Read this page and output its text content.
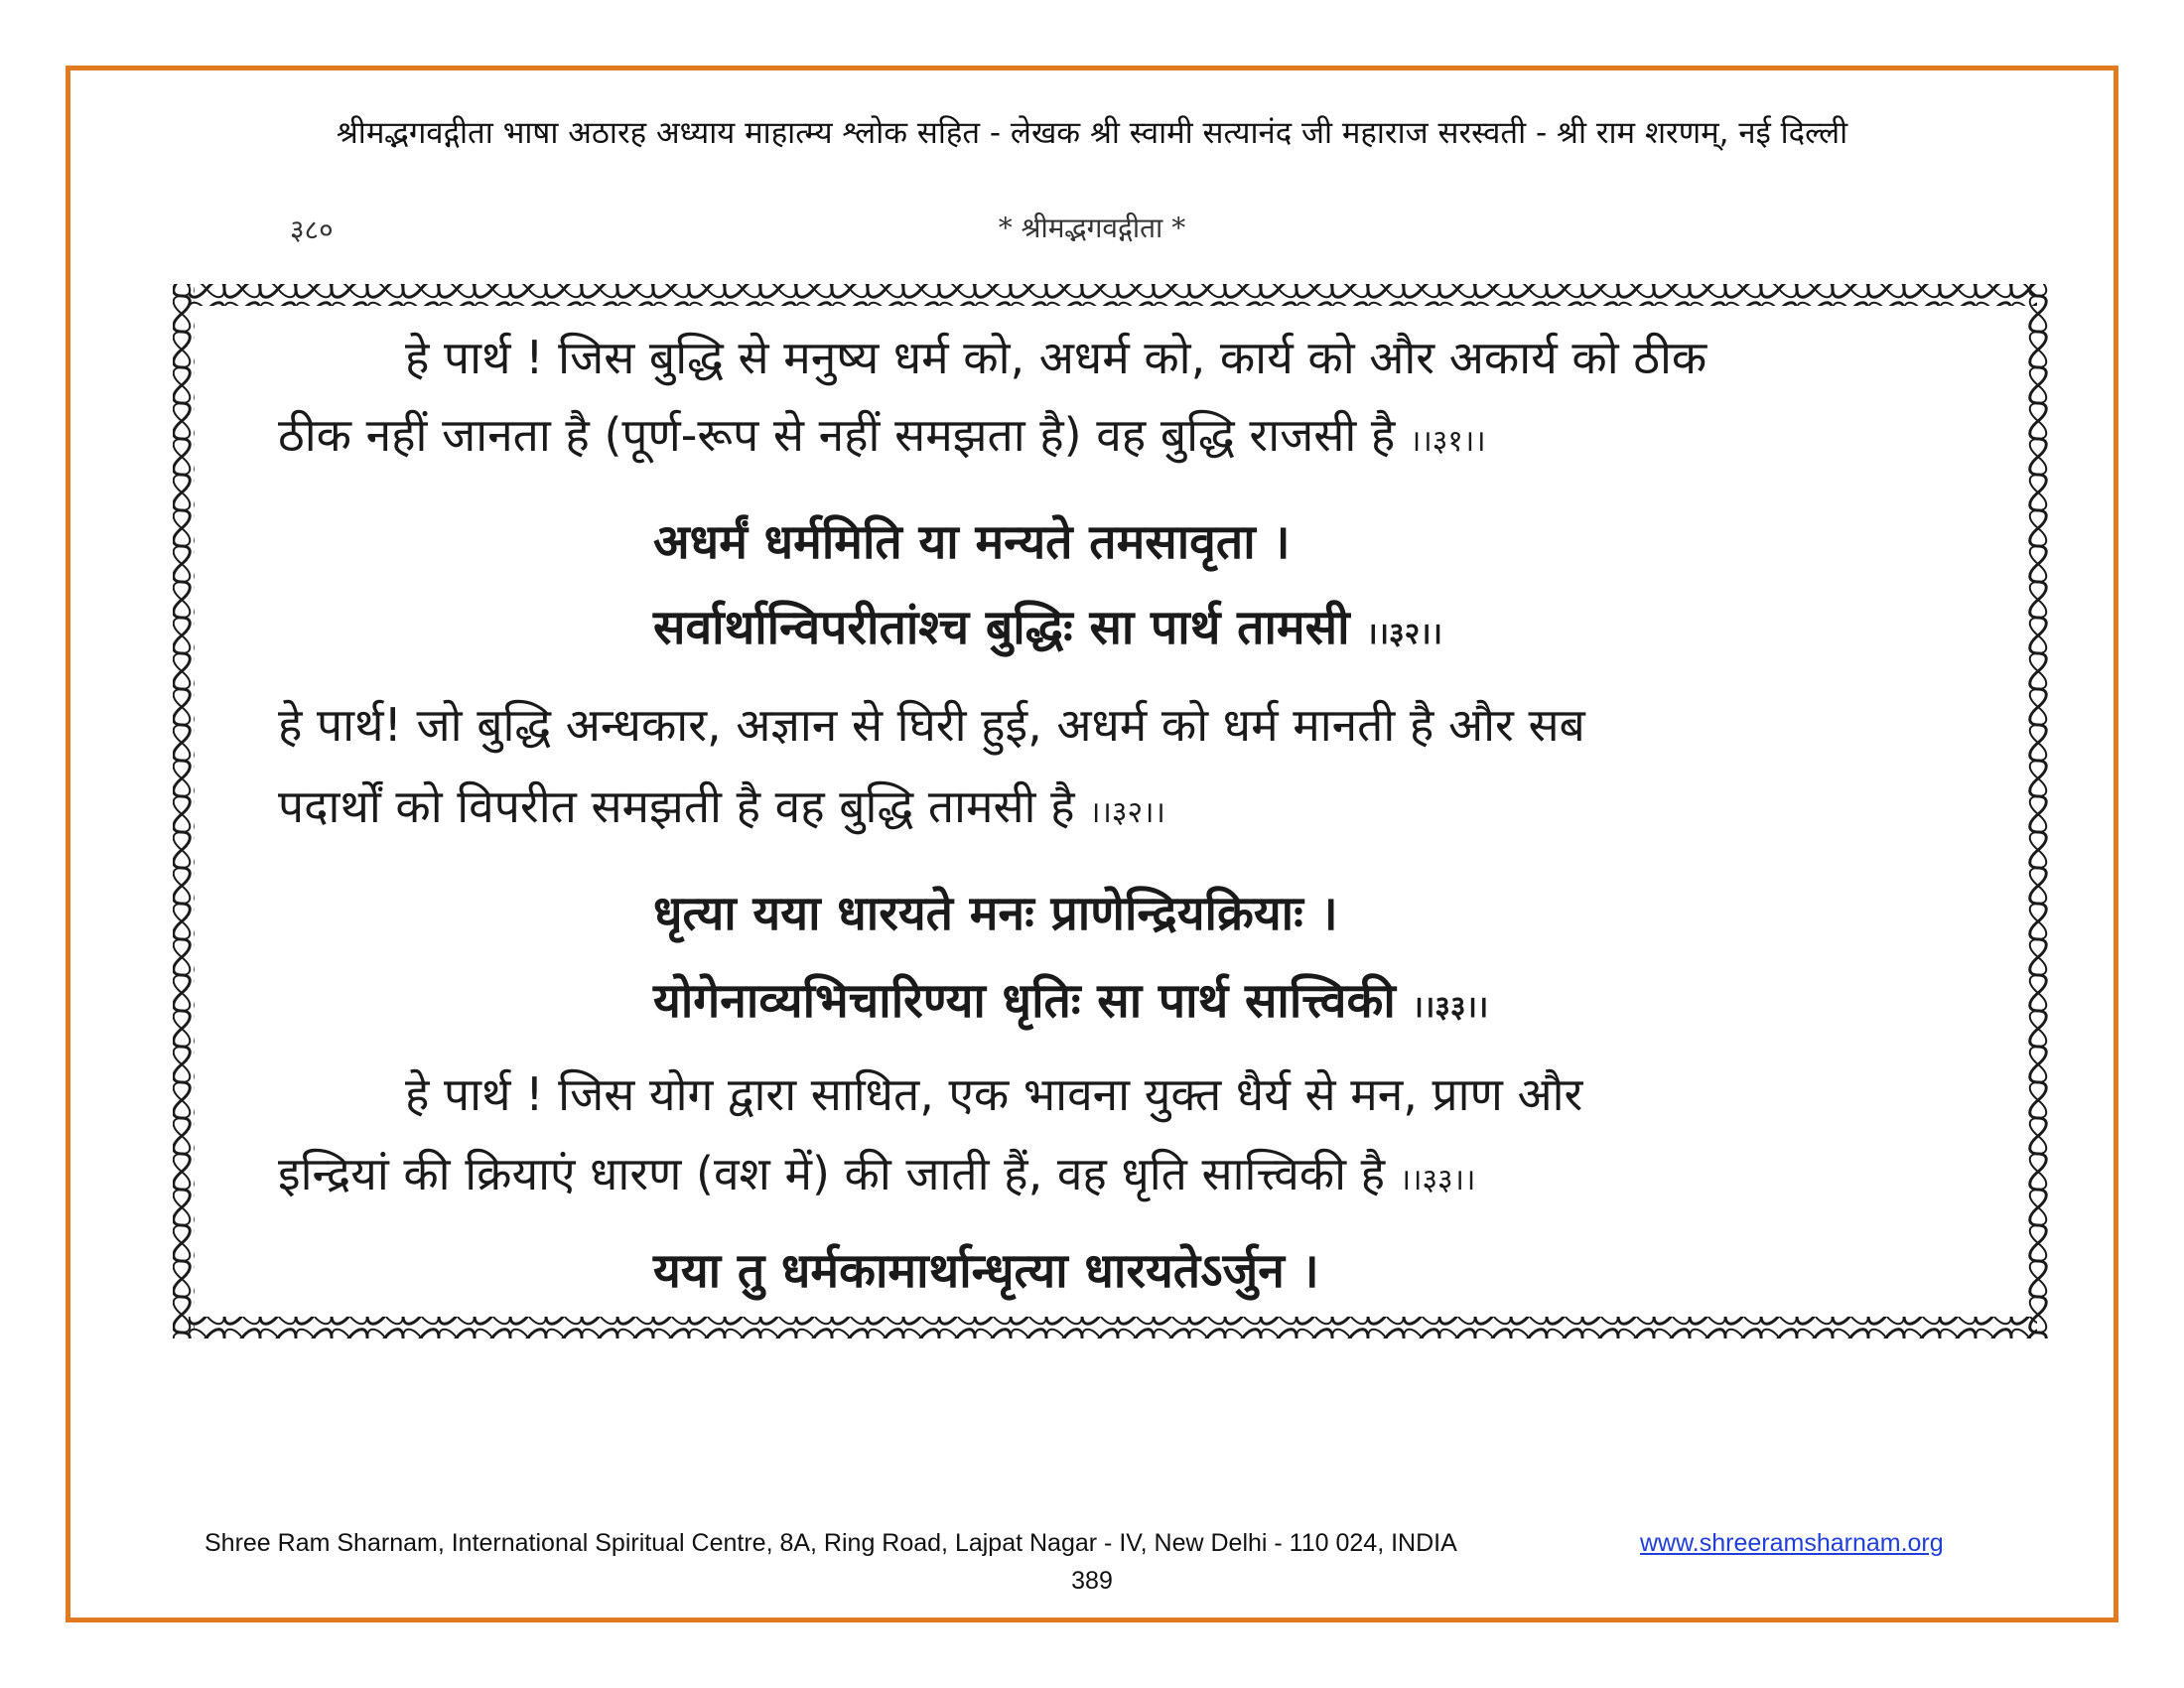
श्रीमद्भगवद्गीता भाषा अठारह अध्याय माहात्म्य श्लोक सहित - लेखक श्री स्वामी सत्यानंद जी महाराज सरस्वती - श्री राम शरणम्, नई दिल्ली
३८०	* श्रीमद्भगवद्गीता *
हे पार्थ ! जिस बुद्धि से मनुष्य धर्म को, अधर्म को, कार्य को और अकार्य को ठीक
ठीक नहीं जानता है (पूर्ण-रूप से नहीं समझता है) वह बुद्धि राजसी है ।।३१।।
अधर्मं धर्ममिति या मन्यते तमसावृता ।
सर्वार्थान्विपरीतांश्च बुद्धिः सा पार्थ तामसी ।।३२।।
हे पार्थ! जो बुद्धि अन्धकार, अज्ञान से घिरी हुई, अधर्म को धर्म मानती है और सब
पदार्थों को विपरीत समझती है वह बुद्धि तामसी है ।।३२।।
धृत्या यया धारयते मनः प्राणेन्द्रियक्रियाः ।
योगेनाव्यभिचारिण्या धृतिः सा पार्थ सात्त्विकी ।।३३।।
हे पार्थ ! जिस योग द्वारा साधित, एक भावना युक्त धैर्य से मन, प्राण और
इन्द्रियां की क्रियाएं धारण (वश में) की जाती हैं, वह धृति सात्त्विकी है ।।३३।।
यया तु धर्मकामार्थान्धृत्या धारयतेऽर्जुन ।
Shree Ram Sharnam, International Spiritual Centre, 8A, Ring Road, Lajpat Nagar - IV, New Delhi - 110 024, INDIA	www.shreeramsharnam.org
389
